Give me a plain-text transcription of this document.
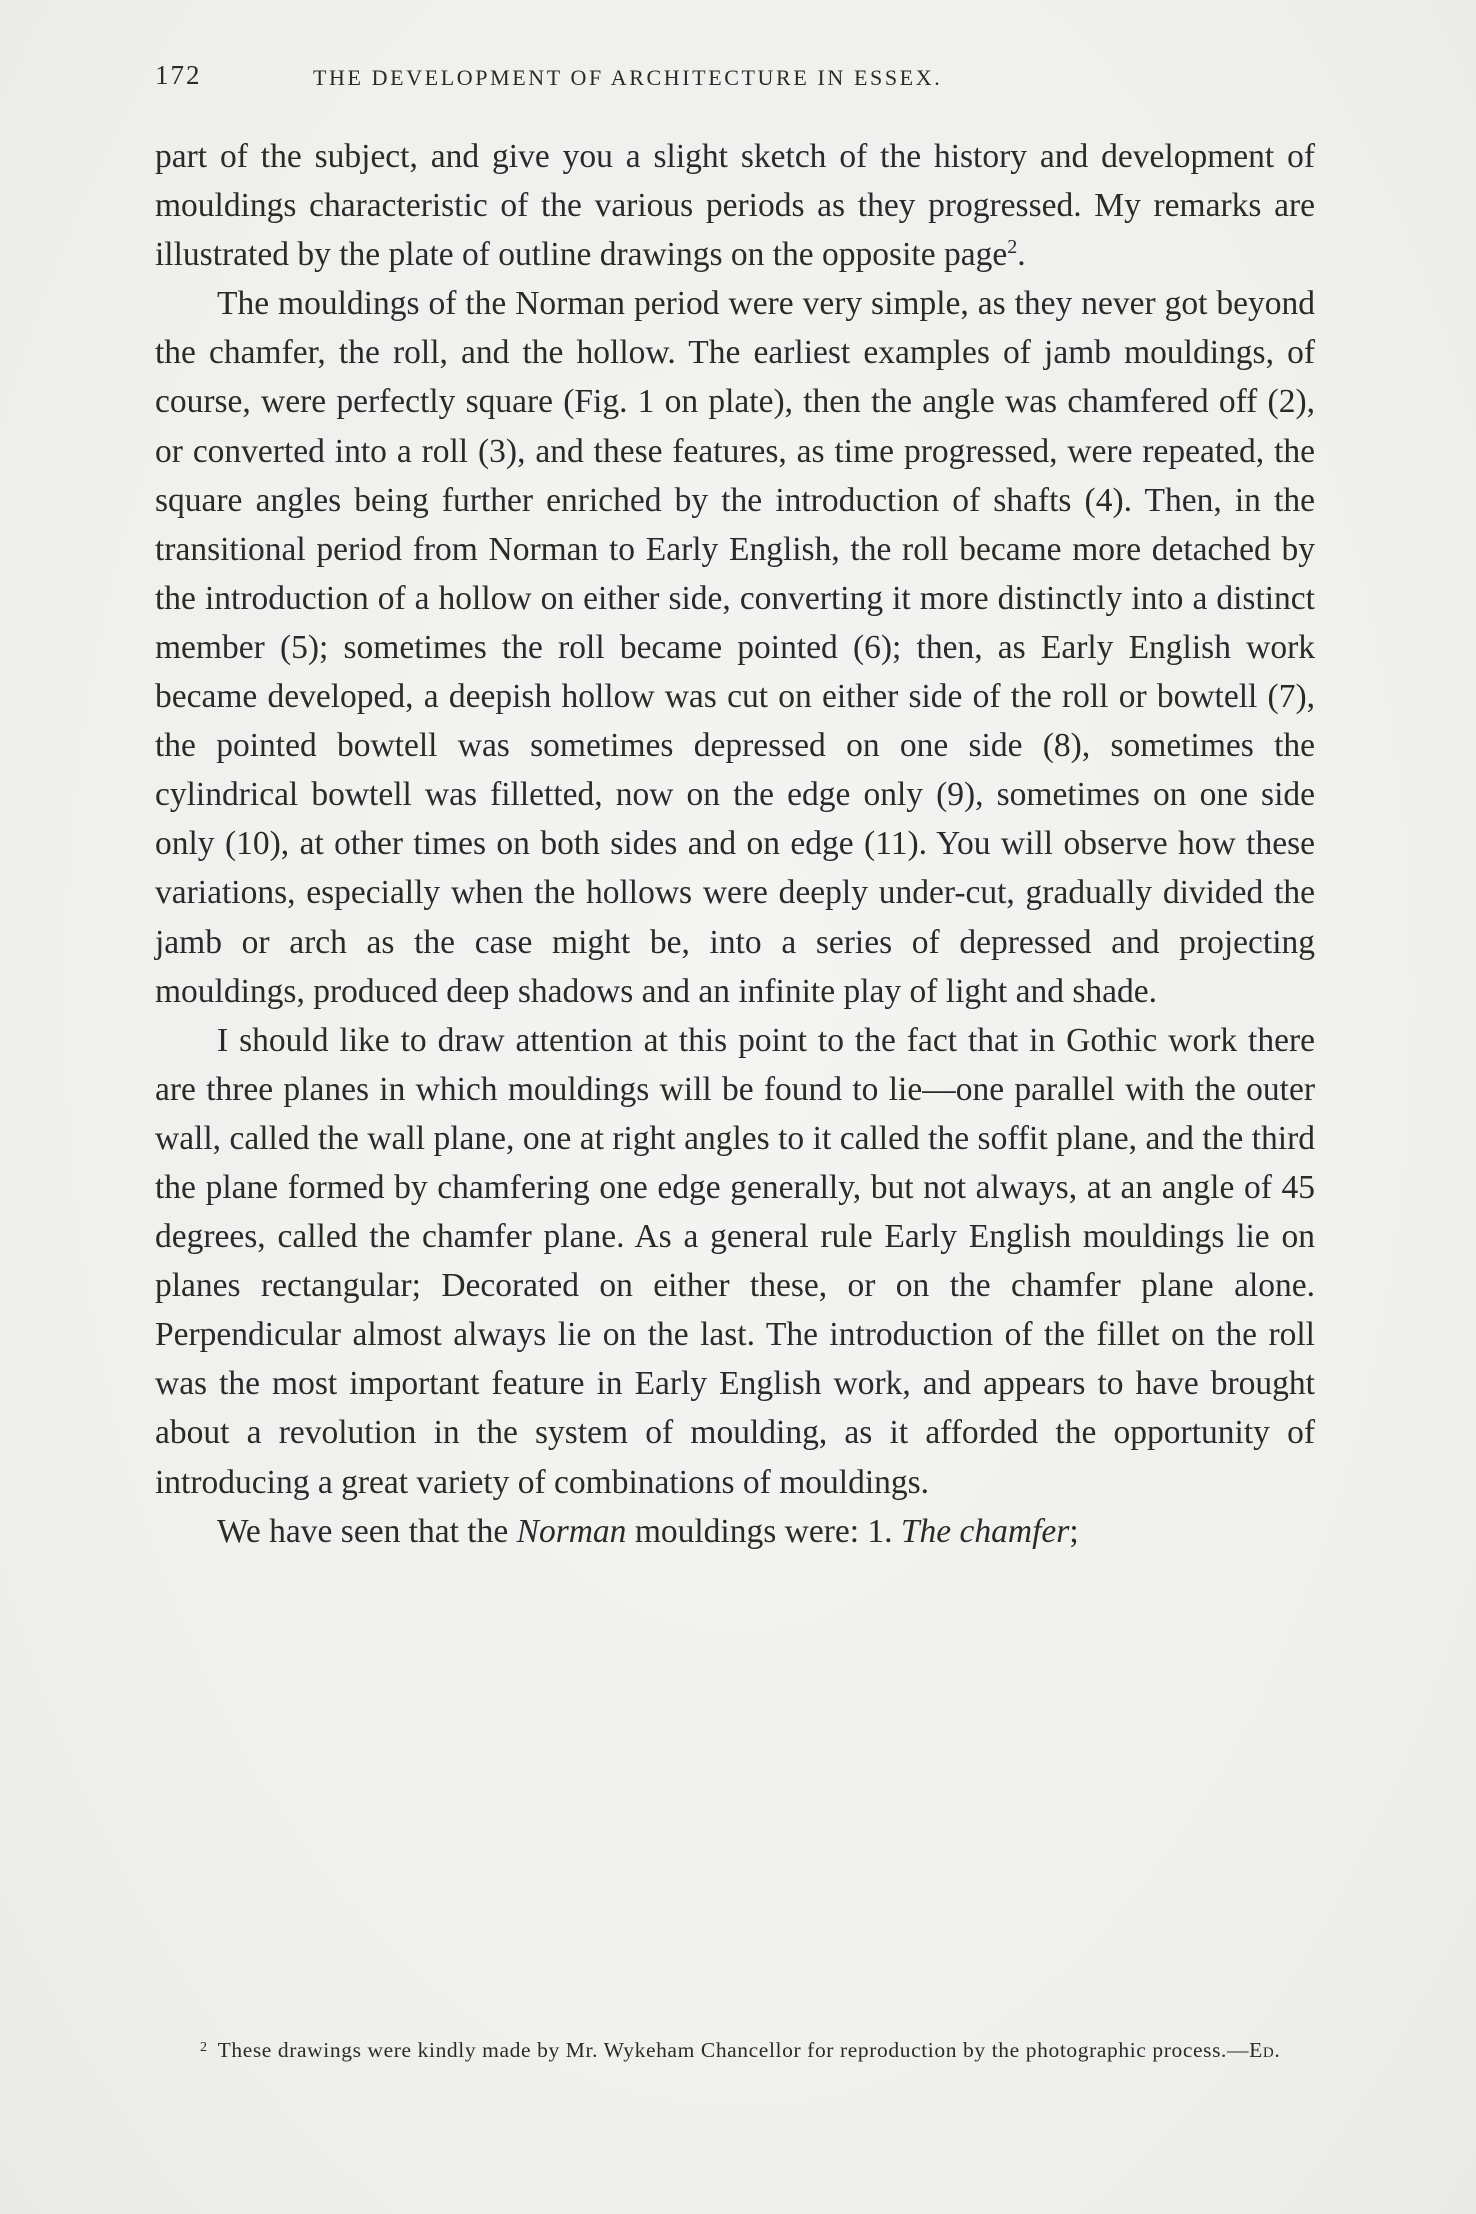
172	THE DEVELOPMENT OF ARCHITECTURE IN ESSEX.

part of the subject, and give you a slight sketch of the history and development of mouldings characteristic of the various periods as they progressed. My remarks are illustrated by the plate of outline drawings on the opposite page$^2$.

The mouldings of the Norman period were very simple, as they never got beyond the chamfer, the roll, and the hollow. The earliest examples of jamb mouldings, of course, were perfectly square (Fig. 1 on plate), then the angle was chamfered off (2), or converted into a roll (3), and these features, as time progressed, were repeated, the square angles being further enriched by the introduction of shafts (4). Then, in the transitional period from Norman to Early English, the roll became more detached by the introduction of a hollow on either side, converting it more distinctly into a distinct member (5); sometimes the roll became pointed (6); then, as Early English work became developed, a deepish hollow was cut on either side of the roll or bowtell (7), the pointed bowtell was sometimes depressed on one side (8), sometimes the cylindrical bowtell was filletted, now on the edge only (9), sometimes on one side only (10), at other times on both sides and on edge (11). You will observe how these variations, especially when the hollows were deeply under-cut, gradually divided the jamb or arch as the case might be, into a series of depressed and projecting mouldings, produced deep shadows and an infinite play of light and shade.

I should like to draw attention at this point to the fact that in Gothic work there are three planes in which mouldings will be found to lie—one parallel with the outer wall, called the wall plane, one at right angles to it called the soffit plane, and the third the plane formed by chamfering one edge generally, but not always, at an angle of 45 degrees, called the chamfer plane. As a general rule Early English mouldings lie on planes rectangular; Decorated on either these, or on the chamfer plane alone. Perpendicular almost always lie on the last. The introduction of the fillet on the roll was the most important feature in Early English work, and appears to have brought about a revolution in the system of moulding, as it afforded the opportunity of introducing a great variety of combinations of mouldings.

We have seen that the Norman mouldings were: 1. The chamfer;

2 These drawings were kindly made by Mr. Wykeham Chancellor for reproduction by the photographic process.—Ed.
